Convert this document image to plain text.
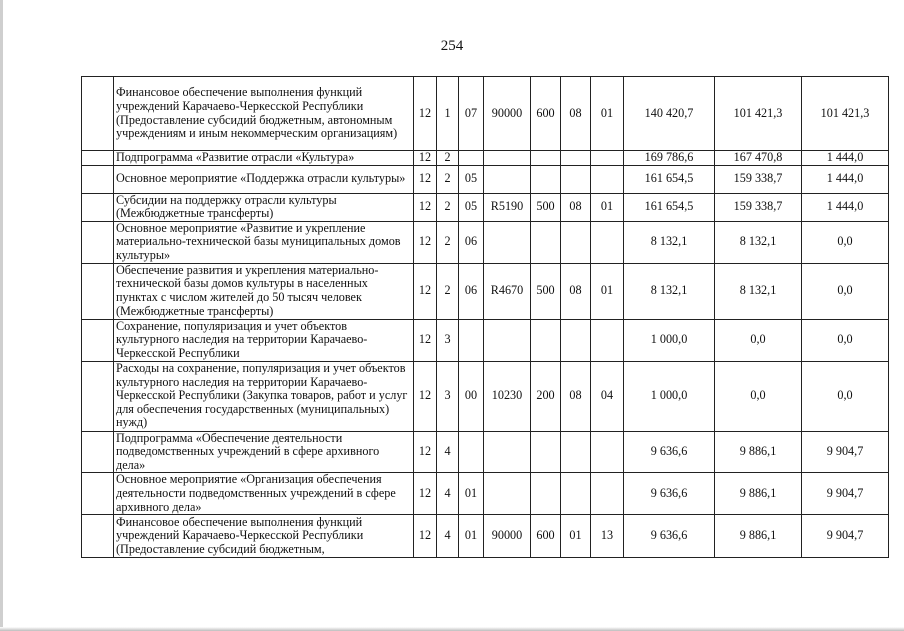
254
	Финансовое обеспечение выполнения функций учреждений Карачаево-Черкесской Республики (Предоставление субсидий бюджетным, автономным учреждениям и иным некоммерческим организациям)	12	1	07	90000	600	08	01	140 420,7	101 421,3	101 421,3
	Подпрограмма «Развитие отрасли «Культура»	12	2						169 786,6	167 470,8	1 444,0
	Основное мероприятие «Поддержка отрасли культуры»	12	2	05					161 654,5	159 338,7	1 444,0
	Субсидии на поддержку отрасли культуры (Межбюджетные трансферты)	12	2	05	R5190	500	08	01	161 654,5	159 338,7	1 444,0
	Основное мероприятие «Развитие и укрепление материально-технической базы муниципальных домов культуры»	12	2	06					8 132,1	8 132,1	0,0
	Обеспечение развития и укрепления материально-технической базы домов культуры в населенных пунктах с числом жителей до 50 тысяч человек (Межбюджетные трансферты)	12	2	06	R4670	500	08	01	8 132,1	8 132,1	0,0
	Сохранение, популяризация и учет объектов культурного наследия на территории Карачаево-Черкесской Республики	12	3						1 000,0	0,0	0,0
	Расходы на сохранение, популяризация и учет объектов культурного наследия на территории Карачаево-Черкесской Республики (Закупка товаров, работ и услуг для обеспечения государственных (муниципальных) нужд)	12	3	00	10230	200	08	04	1 000,0	0,0	0,0
	Подпрограмма «Обеспечение деятельности подведомственных учреждений в сфере архивного дела»	12	4						9 636,6	9 886,1	9 904,7
	Основное мероприятие «Организация обеспечения деятельности подведомственных учреждений в сфере архивного дела»	12	4	01					9 636,6	9 886,1	9 904,7
	Финансовое обеспечение выполнения функций учреждений Карачаево-Черкесской Республики (Предоставление субсидий бюджетным,	12	4	01	90000	600	01	13	9 636,6	9 886,1	9 904,7
